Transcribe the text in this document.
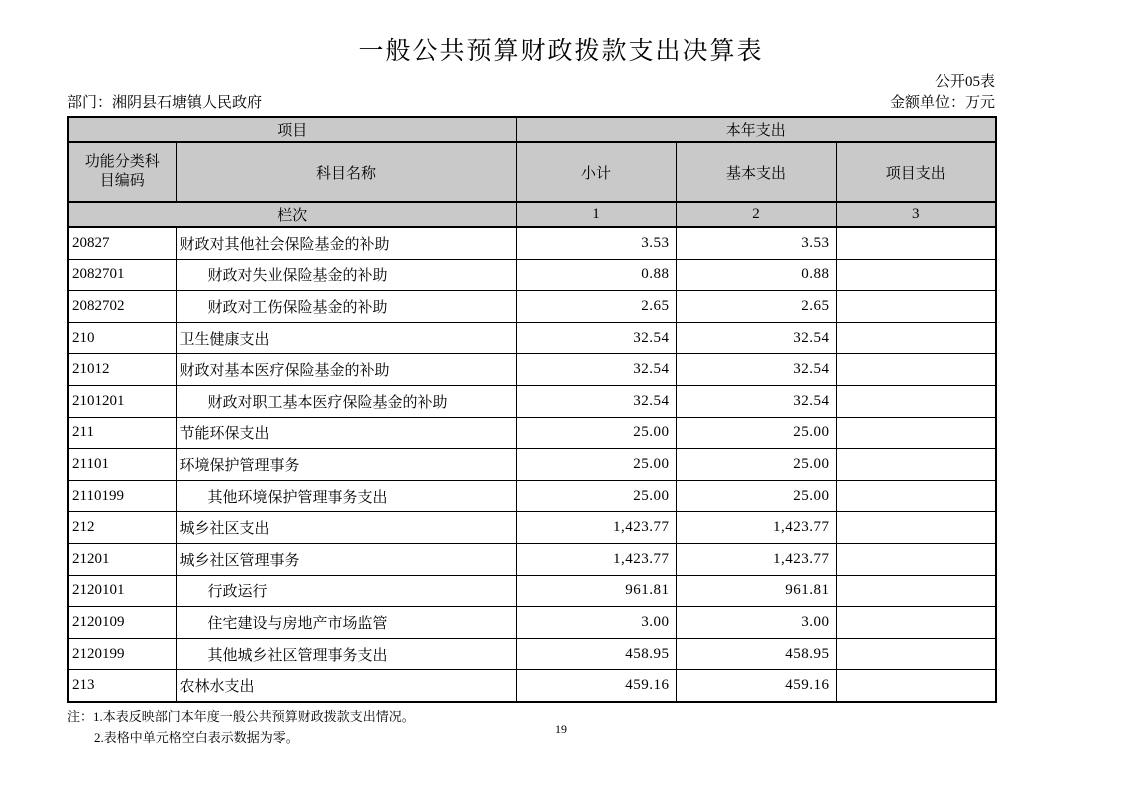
一般公共预算财政拨款支出决算表
公开05表
部门：湘阴县石塘镇人民政府	金额单位：万元
项目		本年支出		
功能分类科目编码	科目名称	小计	基本支出	项目支出
栏次		1	2	3
20827	财政对其他社会保险基金的补助	3.53	3.53	
2082701	财政对失业保险基金的补助	0.88	0.88	
2082702	财政对工伤保险基金的补助	2.65	2.65	
210	卫生健康支出	32.54	32.54	
21012	财政对基本医疗保险基金的补助	32.54	32.54	
2101201	财政对职工基本医疗保险基金的补助	32.54	32.54	
211	节能环保支出	25.00	25.00	
21101	环境保护管理事务	25.00	25.00	
2110199	其他环境保护管理事务支出	25.00	25.00	
212	城乡社区支出	1,423.77	1,423.77	
21201	城乡社区管理事务	1,423.77	1,423.77	
2120101	行政运行	961.81	961.81	
2120109	住宅建设与房地产市场监管	3.00	3.00	
2120199	其他城乡社区管理事务支出	458.95	458.95	
213	农林水支出	459.16	459.16	
注：1.本表反映部门本年度一般公共预算财政拨款支出情况。
2.表格中单元格空白表示数据为零。
19
